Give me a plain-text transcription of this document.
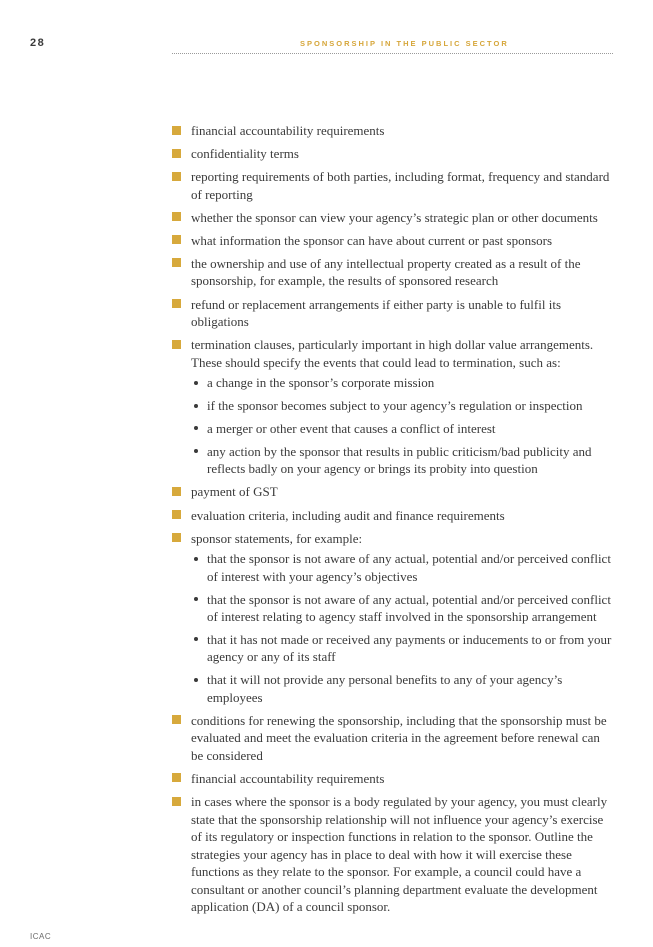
28	SPONSORSHIP IN THE PUBLIC SECTOR
financial accountability requirements
confidentiality terms
reporting requirements of both parties, including format, frequency and standard of reporting
whether the sponsor can view your agency’s strategic plan or other documents
what information the sponsor can have about current or past sponsors
the ownership and use of any intellectual property created as a result of the sponsorship, for example, the results of sponsored research
refund or replacement arrangements if either party is unable to fulfil its obligations
termination clauses, particularly important in high dollar value arrangements. These should specify the events that could lead to termination, such as:
a change in the sponsor’s corporate mission
if the sponsor becomes subject to your agency’s regulation or inspection
a merger or other event that causes a conflict of interest
any action by the sponsor that results in public criticism/bad publicity and reflects badly on your agency or brings its probity into question
payment of GST
evaluation criteria, including audit and finance requirements
sponsor statements, for example:
that the sponsor is not aware of any actual, potential and/or perceived conflict of interest with your agency’s objectives
that the sponsor is not aware of any actual, potential and/or perceived conflict of interest relating to agency staff involved in the sponsorship arrangement
that it has not made or received any payments or inducements to or from your agency or any of its staff
that it will not provide any personal benefits to any of your agency’s employees
conditions for renewing the sponsorship, including that the sponsorship must be evaluated and meet the evaluation criteria in the agreement before renewal can be considered
financial accountability requirements
in cases where the sponsor is a body regulated by your agency, you must clearly state that the sponsorship relationship will not influence your agency’s exercise of its regulatory or inspection functions in relation to the sponsor. Outline the strategies your agency has in place to deal with how it will exercise these functions as they relate to the sponsor. For example, a council could have a consultant or another council’s planning department evaluate the development application (DA) of a council sponsor.
ICAC
